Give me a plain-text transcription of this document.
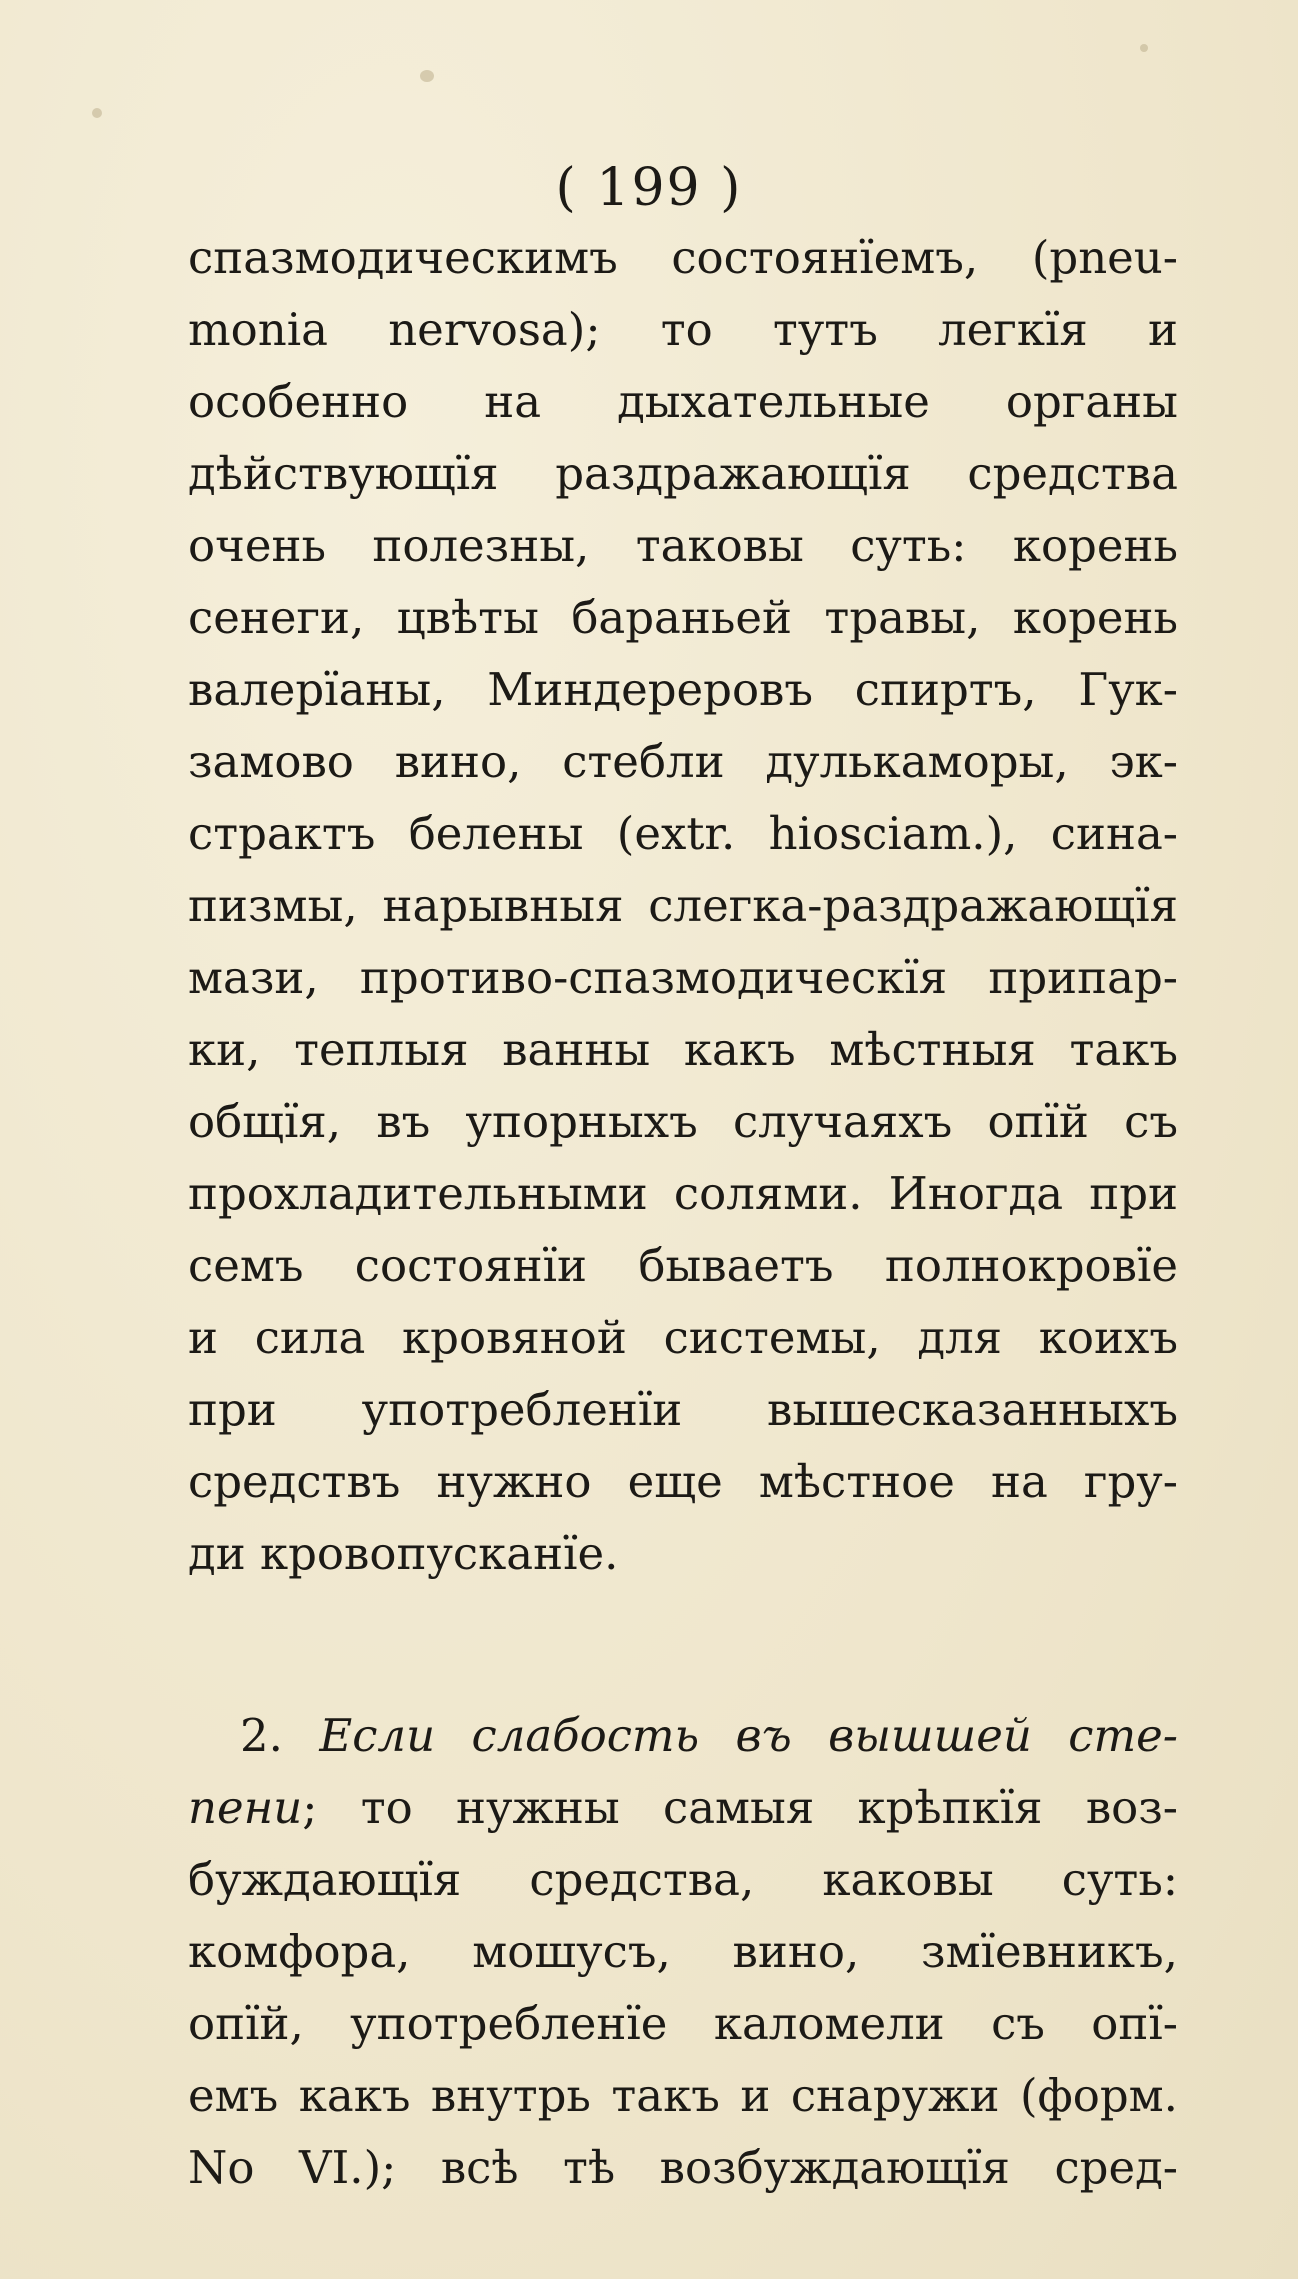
( 199 )
спазмодическимъ состоянїемъ, (pneu-
monia nervosa); то тутъ легкїя и
особенно на дыхательные органы
дѣйствующїя раздражающїя средства
очень полезны, таковы суть: корень
сенеги, цвѣты бараньей травы, корень
валерїаны, Миндереровъ спиртъ, Гук-
замово вино, стебли дулькаморы, эк-
страктъ белены (extr. hiosciam.), сина-
пизмы, нарывныя слегка-раздражающїя
мази, противо-спазмодическїя припар-
ки, теплыя ванны какъ мѣстныя такъ
общїя, въ упорныхъ случаяхъ опїй съ
прохладительными солями. Иногда при
семъ состоянїи бываетъ полнокровїе
и сила кровяной системы, для коихъ
при употребленїи вышесказанныхъ
средствъ нужно еще мѣстное на гру-
ди кровопусканїе.
2. Если слабость въ вышшей сте-
пени; то нужны самыя крѣпкїя воз-
буждающїя средства, каковы суть:
комфора, мошусъ, вино, змїевникъ,
опїй, употребленїе каломели съ опї-
емъ какъ внутрь такъ и снаружи (форм.
No VI.); всѣ тѣ возбуждающїя сред-
